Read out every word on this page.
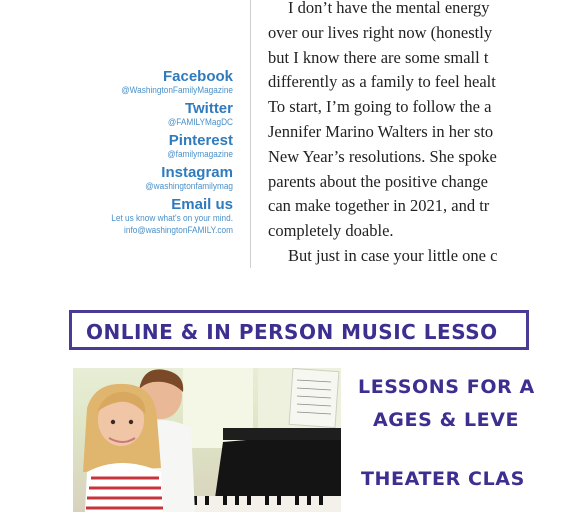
Facebook
@WashingtonFamilyMagazine
Twitter
@FAMILYMagDC
Pinterest
@familymagazine
Instagram
@washingtonfamilymag
Email us
Let us know what's on your mind.
info@washingtonFAMILY.com

I don’t have the mental energy

over our lives right now (honestly

but I know there are some small t

differently as a family to feel healt

To start, I’m going to follow the a

Jennifer Marino Walters in her sto

New Year’s resolutions. She spoke

parents about the positive change

can make together in 2021, and tr

completely doable.

But just in case your little one c

ONLINE & IN PERSON MUSIC LESSO
LESSONS FOR A
AGES & LEVE
THEATER CLAS
